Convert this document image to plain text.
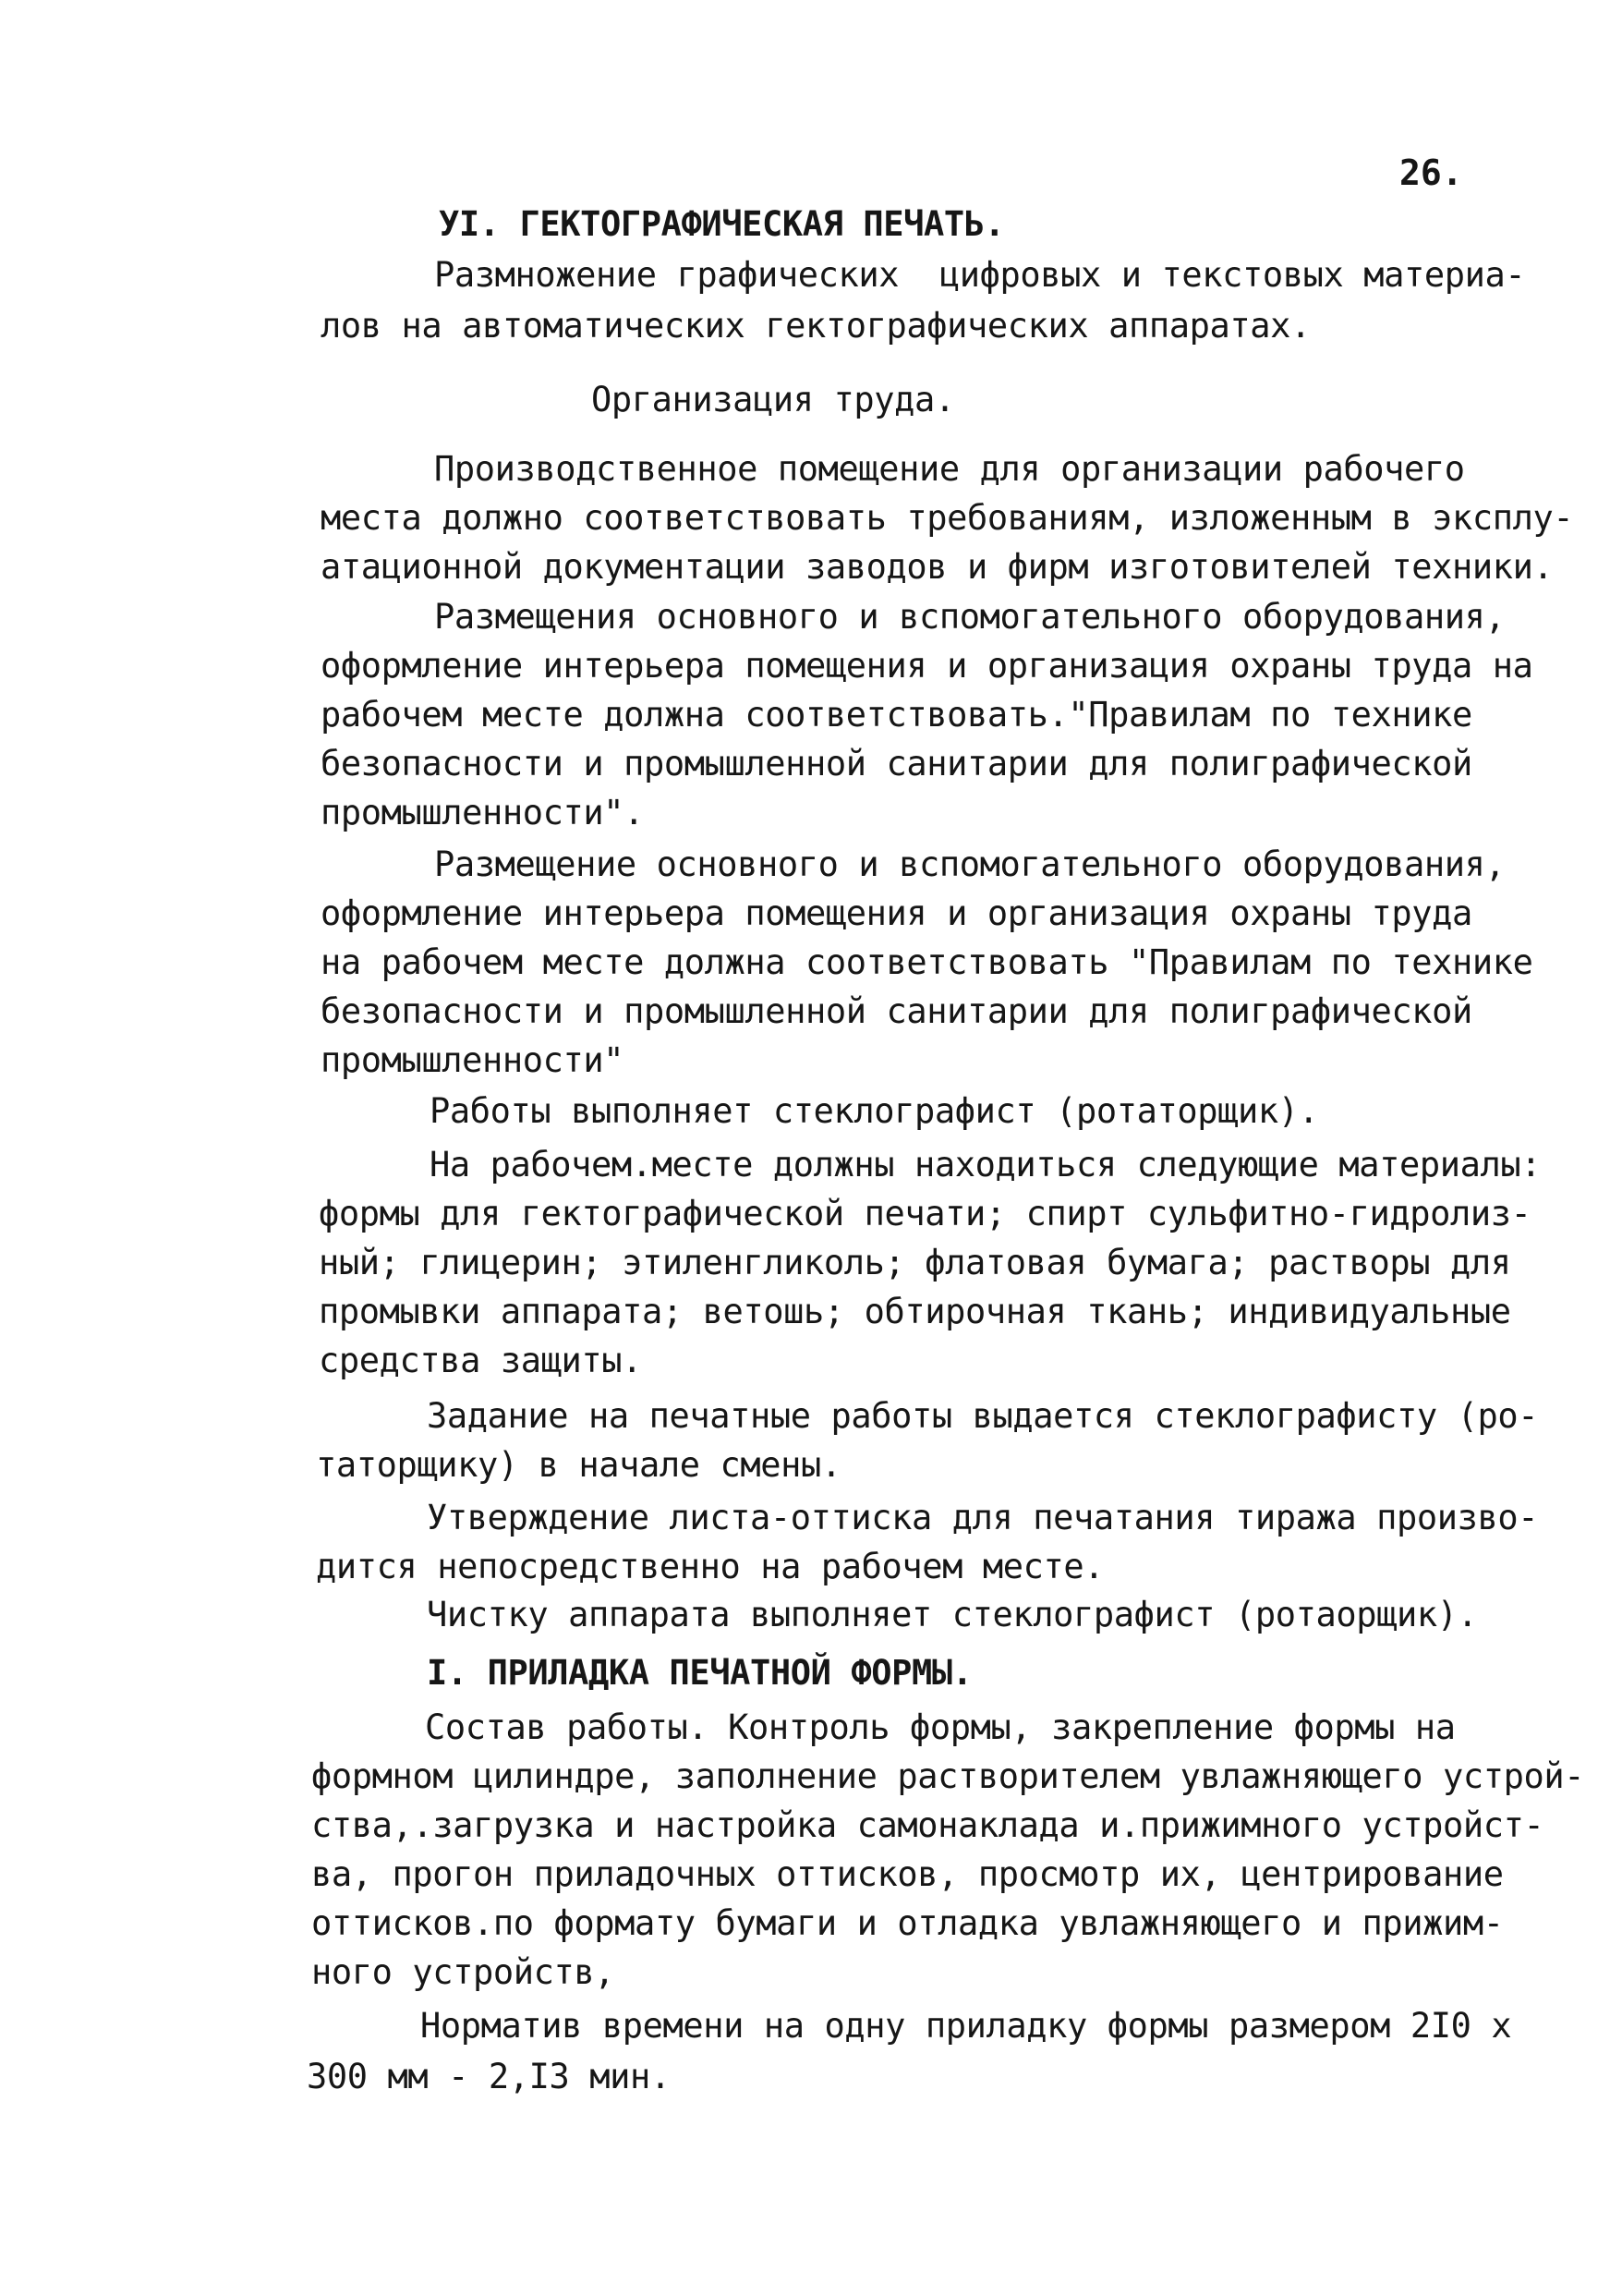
26.
УI. ГЕКТОГРАФИЧЕСКАЯ ПЕЧАТЬ.
Размножение графических  цифровых и текстовых материа-
лов на автоматических гектографических аппаратах.
Организация труда.
Производственное помещение для организации рабочего
места должно соответствовать требованиям, изложенным в эксплу-
атационной документации заводов и фирм изготовителей техники.
Размещения основного и вспомогательного оборудования,
оформление интерьера помещения и организация охраны труда на
рабочем месте должна соответствовать."Правилам по технике
безопасности и промышленной санитарии для полиграфической
промышленности".
Размещение основного и вспомогательного оборудования,
оформление интерьера помещения и организация охраны труда
на рабочем месте должна соответствовать "Правилам по технике
безопасности и промышленной санитарии для полиграфической
промышленности"
Работы выполняет стеклографист (ротаторщик).
На рабочем.месте должны находиться следующие материалы:
формы для гектографической печати; спирт сульфитно-гидролиз-
ный; глицерин; этиленгликоль; флатовая бумага; растворы для
промывки аппарата; ветошь; обтирочная ткань; индивидуальные
средства защиты.
Задание на печатные работы выдается стеклографисту (ро-
таторщику) в начале смены.
Утверждение листа-оттиска для печатания тиража произво-
дится непосредственно на рабочем месте.
Чистку аппарата выполняет стеклографист (ротаорщик).
I. ПРИЛАДКА ПЕЧАТНОЙ ФОРМЫ.
Состав работы. Контроль формы, закрепление формы на
формном цилиндре, заполнение растворителем увлажняющего устрой-
ства,.загрузка и настройка самонаклада и.прижимного устройст-
ва, прогон приладочных оттисков, просмотр их, центрирование
оттисков.по формату бумаги и отладка увлажняющего и прижим-
ного устройств,
Норматив времени на одну приладку формы размером 2I0 x
300 мм - 2,I3 мин.
